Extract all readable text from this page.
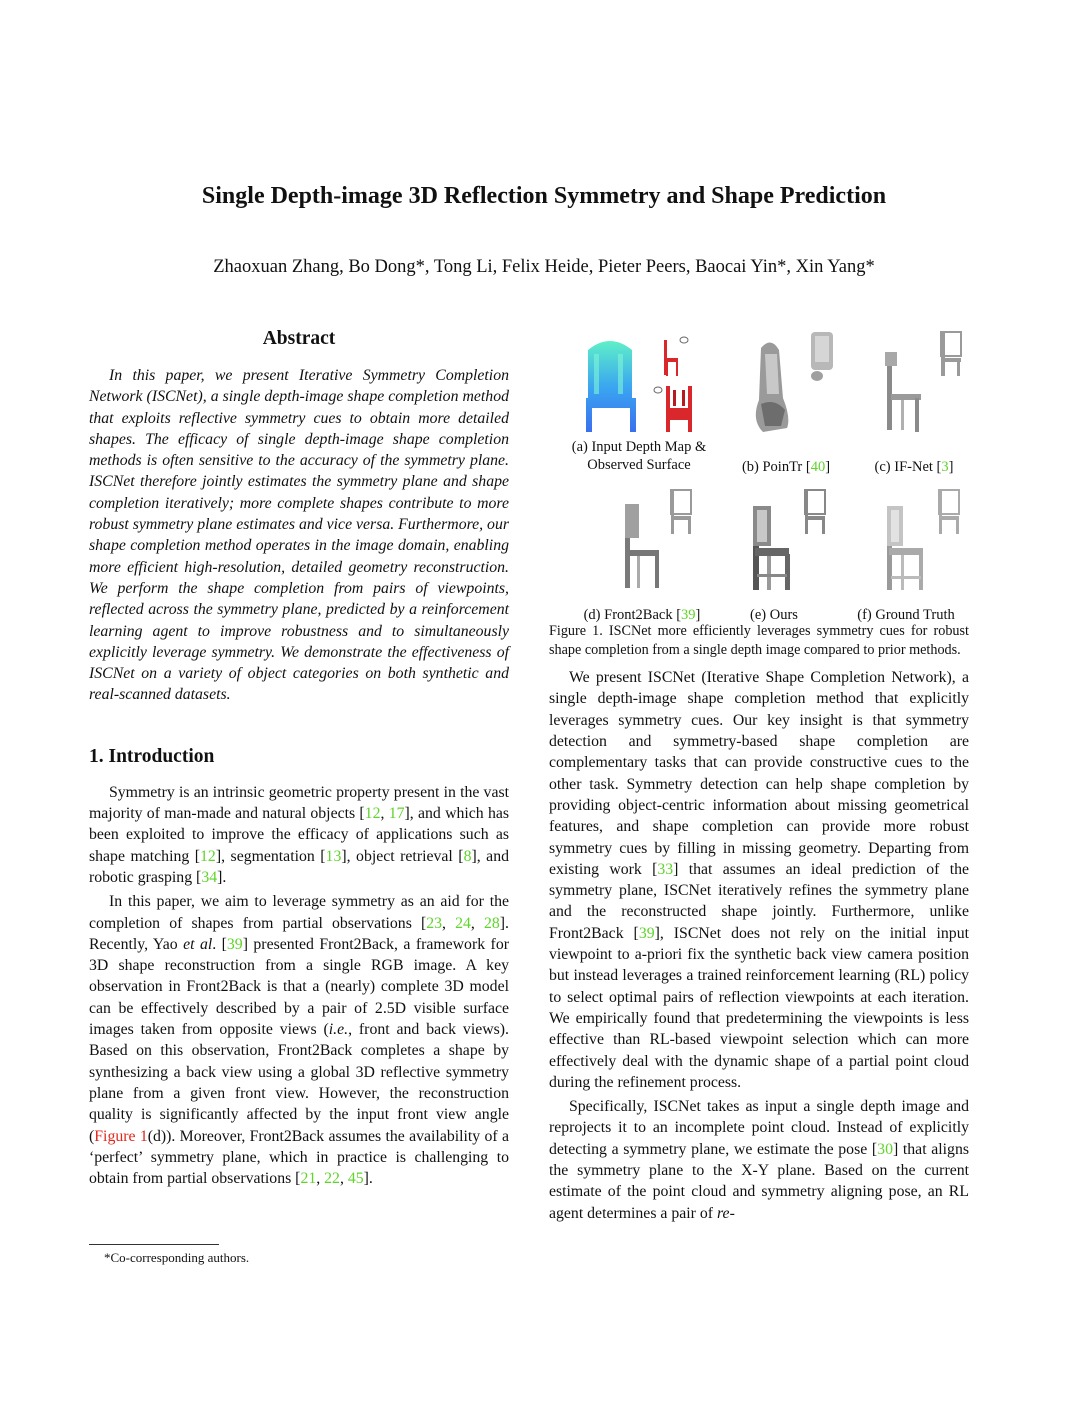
Single Depth-image 3D Reflection Symmetry and Shape Prediction
Zhaoxuan Zhang, Bo Dong*, Tong Li, Felix Heide, Pieter Peers, Baocai Yin*, Xin Yang*
Abstract

In this paper, we present Iterative Symmetry Completion Network (ISCNet), a single depth-image shape completion method that exploits reflective symmetry cues to obtain more detailed shapes. The efficacy of single depth-image shape completion methods is often sensitive to the accuracy of the symmetry plane. ISCNet therefore jointly estimates the symmetry plane and shape completion iteratively; more complete shapes contribute to more robust symmetry plane estimates and vice versa. Furthermore, our shape completion method operates in the image domain, enabling more efficient high-resolution, detailed geometry reconstruction. We perform the shape completion from pairs of viewpoints, reflected across the symmetry plane, predicted by a reinforcement learning agent to improve robustness and to simultaneously explicitly leverage symmetry. We demonstrate the effectiveness of ISCNet on a variety of object categories on both synthetic and real-scanned datasets.

1. Introduction

Symmetry is an intrinsic geometric property present in the vast majority of man-made and natural objects [12, 17], and which has been exploited to improve the efficacy of applications such as shape matching [12], segmentation [13], object retrieval [8], and robotic grasping [34].

In this paper, we aim to leverage symmetry as an aid for the completion of shapes from partial observations [23, 24, 28]. Recently, Yao et al. [39] presented Front2Back, a framework for 3D shape reconstruction from a single RGB image. A key observation in Front2Back is that a (nearly) complete 3D model can be effectively described by a pair of 2.5D visible surface images taken from opposite views (i.e., front and back views). Based on this observation, Front2Back completes a shape by synthesizing a back view using a global 3D reflective symmetry plane from a given front view. However, the reconstruction quality is significantly affected by the input front view angle (Figure 1(d)). Moreover, Front2Back assumes the availability of a ‘perfect’ symmetry plane, which in practice is challenging to obtain from partial observations [21, 22, 45].

*Co-corresponding authors.
(a) Input Depth Map &
Observed Surface	(b) PoinTr [40]	(c) IF-Net [3]
(d) Front2Back [39]	(e) Ours	(f) Ground Truth
Figure 1. ISCNet more efficiently leverages symmetry cues for robust shape completion from a single depth image compared to prior methods.

We present ISCNet (Iterative Shape Completion Network), a single depth-image shape completion method that explicitly leverages symmetry cues. Our key insight is that symmetry detection and symmetry-based shape completion are complementary tasks that can provide constructive cues to the other task. Symmetry detection can help shape completion by providing object-centric information about missing geometrical features, and shape completion can provide more robust symmetry cues by filling in missing geometry. Departing from existing work [33] that assumes an ideal prediction of the symmetry plane, ISCNet iteratively refines the symmetry plane and the reconstructed shape jointly. Furthermore, unlike Front2Back [39], ISCNet does not rely on the initial input viewpoint to a-priori fix the synthetic back view camera position but instead leverages a trained reinforcement learning (RL) policy to select optimal pairs of reflection viewpoints at each iteration. We empirically found that predetermining the viewpoints is less effective than RL-based viewpoint selection which can more effectively deal with the dynamic shape of a partial point cloud during the refinement process.

Specifically, ISCNet takes as input a single depth image and reprojects it to an incomplete point cloud. Instead of explicitly detecting a symmetry plane, we estimate the pose [30] that aligns the symmetry plane to the X-Y plane. Based on the current estimate of the point cloud and symmetry aligning pose, an RL agent determines a pair of re-
